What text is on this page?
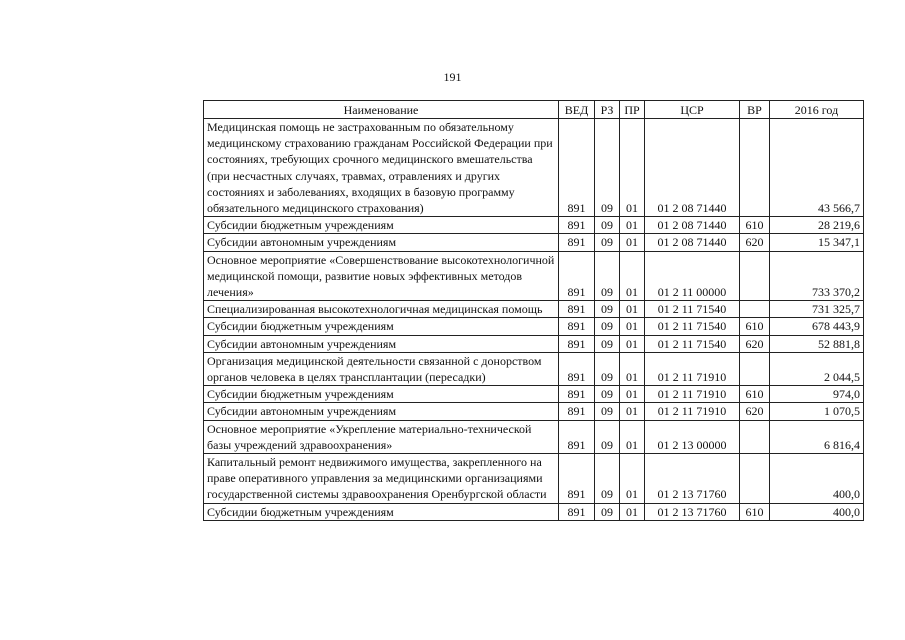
191
Наименование	ВЕД	РЗ	ПР	ЦСР	ВР	2016 год
Медицинская помощь не застрахованным по обязательному медицинскому страхованию гражданам Российской Федерации при состояниях, требующих срочного медицинского вмешательства (при несчастных случаях, травмах, отравлениях и других состояниях и заболеваниях, входящих в базовую программу обязательного медицинского страхования)	891	09	01	01 2 08 71440		43 566,7
Субсидии бюджетным учреждениям	891	09	01	01 2 08 71440	610	28 219,6
Субсидии автономным учреждениям	891	09	01	01 2 08 71440	620	15 347,1
Основное мероприятие «Совершенствование высокотехнологичной медицинской помощи, развитие новых эффективных методов лечения»	891	09	01	01 2 11 00000		733 370,2
Специализированная высокотехнологичная медицинская помощь	891	09	01	01 2 11 71540		731 325,7
Субсидии бюджетным учреждениям	891	09	01	01 2 11 71540	610	678 443,9
Субсидии автономным учреждениям	891	09	01	01 2 11 71540	620	52 881,8
Организация медицинской деятельности связанной с донорством органов человека в целях трансплантации (пересадки)	891	09	01	01 2 11 71910		2 044,5
Субсидии бюджетным учреждениям	891	09	01	01 2 11 71910	610	974,0
Субсидии автономным учреждениям	891	09	01	01 2 11 71910	620	1 070,5
Основное мероприятие «Укрепление материально-технической базы учреждений здравоохранения»	891	09	01	01 2 13 00000		6 816,4
Капитальный ремонт недвижимого имущества, закрепленного на праве оперативного управления за медицинскими организациями государственной системы здравоохранения Оренбургской области	891	09	01	01 2 13 71760		400,0
Субсидии бюджетным учреждениям	891	09	01	01 2 13 71760	610	400,0
